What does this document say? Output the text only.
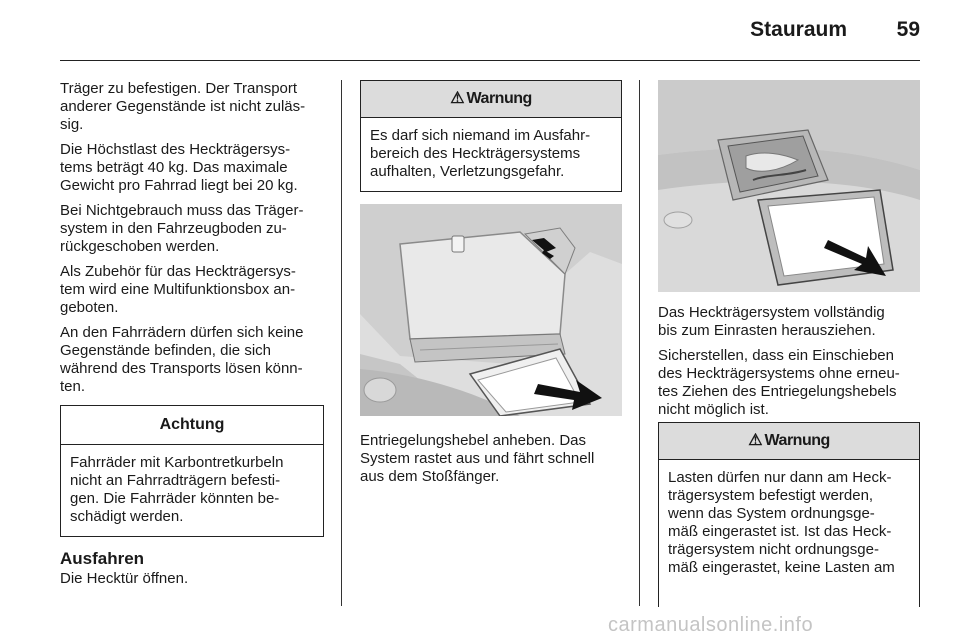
Stauraum	59

Träger zu befestigen. Der Transport
anderer Gegenstände ist nicht zuläs-
sig.

Die Höchstlast des Heckträgersys-
tems beträgt 40 kg. Das maximale
Gewicht pro Fahrrad liegt bei 20 kg.

Bei Nichtgebrauch muss das Träger-
system in den Fahrzeugboden zu-
rückgeschoben werden.

Als Zubehör für das Heckträgersys-
tem wird eine Multifunktionsbox an-
geboten.

An den Fahrrädern dürfen sich keine
Gegenstände befinden, die sich
während des Transports lösen könn-
ten.

Achtung
Fahrräder mit Karbontretkurbeln
nicht an Fahrradträgern befesti-
gen. Die Fahrräder könnten be-
schädigt werden.
Ausfahren
Die Hecktür öffnen.
⚠ Warnung
Es darf sich niemand im Ausfahr-
bereich des Heckträgersystems
aufhalten, Verletzungsgefahr.

Entriegelungshebel anheben. Das
System rastet aus und fährt schnell
aus dem Stoßfänger.

Das Heckträgersystem vollständig
bis zum Einrasten herausziehen.

Sicherstellen, dass ein Einschieben
des Heckträgersystems ohne erneu-
tes Ziehen des Entriegelungshebels
nicht möglich ist.

⚠ Warnung
Lasten dürfen nur dann am Heck-
trägersystem befestigt werden,
wenn das System ordnungsge-
mäß eingerastet ist. Ist das Heck-
trägersystem nicht ordnungsge-
mäß eingerastet, keine Lasten am
carmanualsonline.info
